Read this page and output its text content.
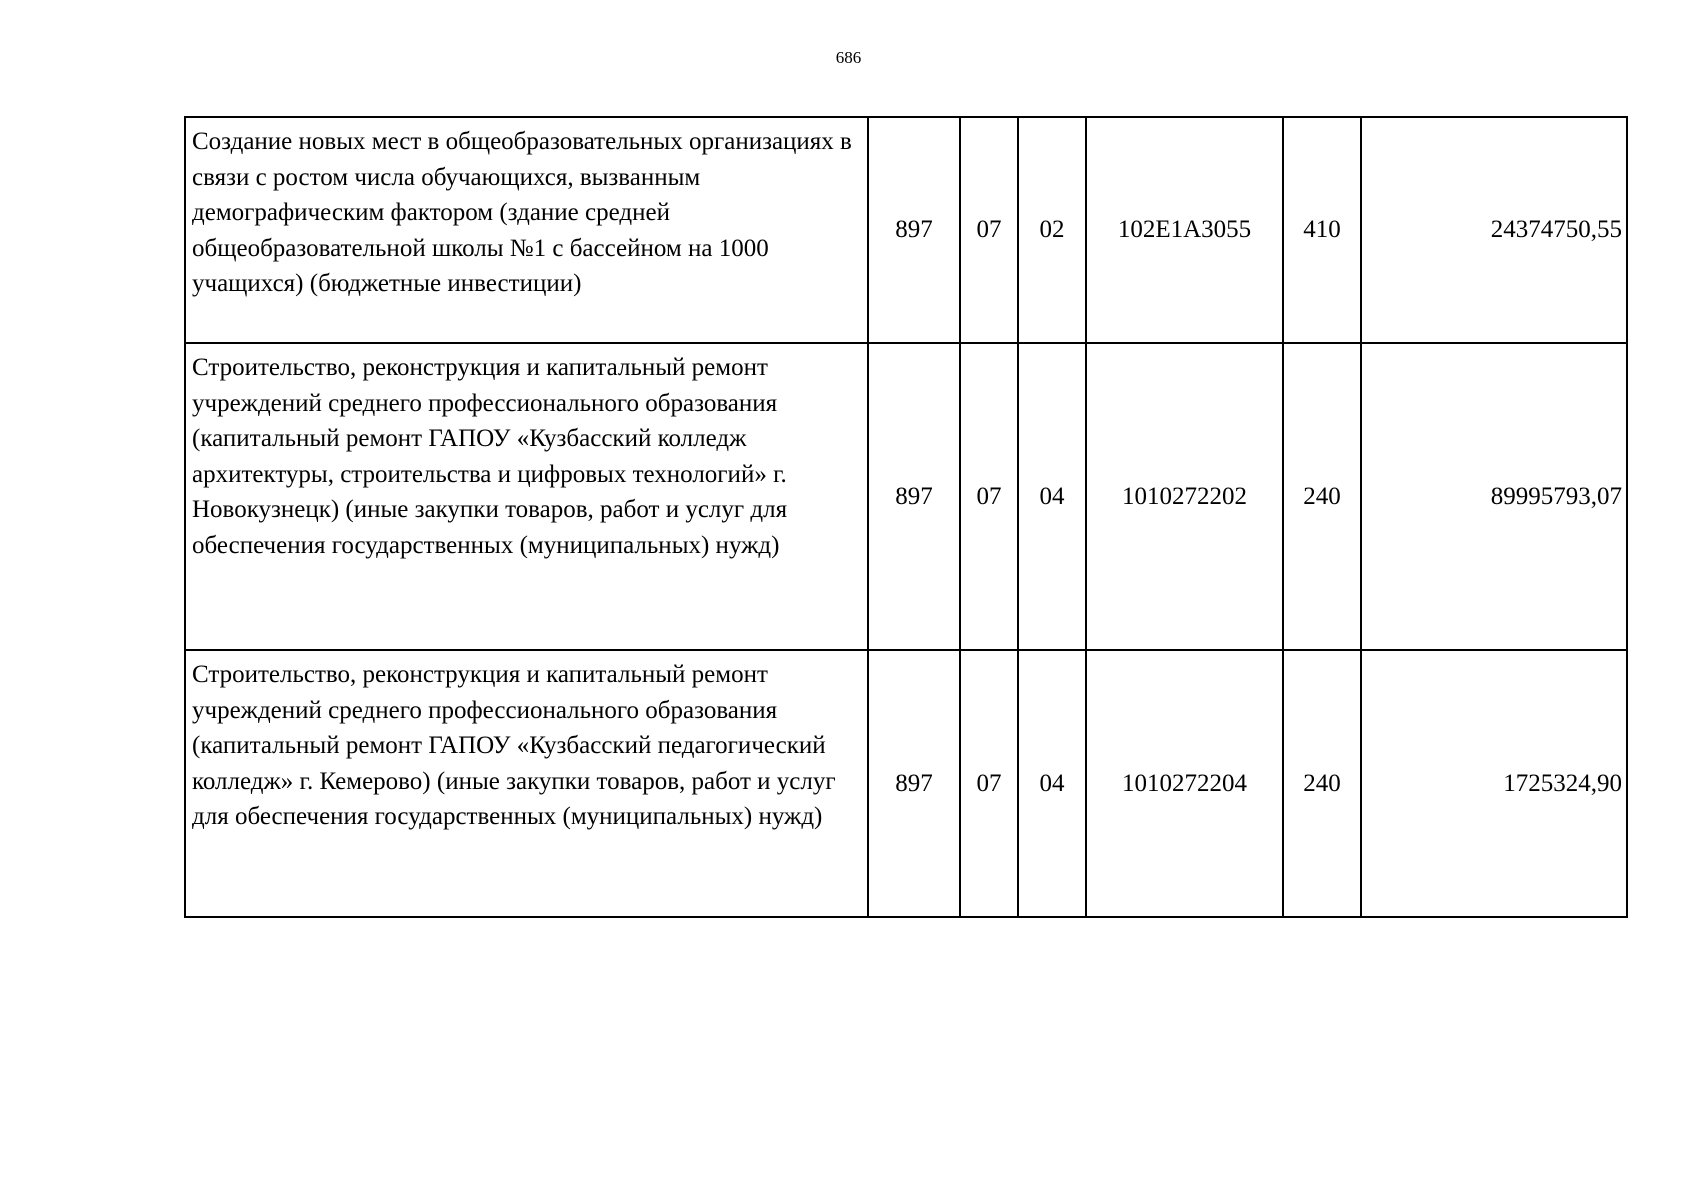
686
Создание новых мест в общеобразовательных организациях в связи с ростом числа обучающихся, вызванным демографическим фактором (здание средней общеобразовательной школы №1 с бассейном на 1000 учащихся) (бюджетные инвестиции)	897	07	02	102E1A3055	410	24374750,55
Строительство, реконструкция и капитальный ремонт учреждений среднего профессионального образования (капитальный ремонт ГАПОУ «Кузбасский колледж архитектуры, строительства и цифровых технологий» г. Новокузнецк) (иные закупки товаров, работ и услуг для обеспечения государственных (муниципальных) нужд)	897	07	04	1010272202	240	89995793,07
Строительство, реконструкция и капитальный ремонт учреждений среднего профессионального образования (капитальный ремонт ГАПОУ «Кузбасский педагогический колледж» г. Кемерово) (иные закупки товаров, работ и услуг для обеспечения государственных (муниципальных) нужд)	897	07	04	1010272204	240	1725324,90
